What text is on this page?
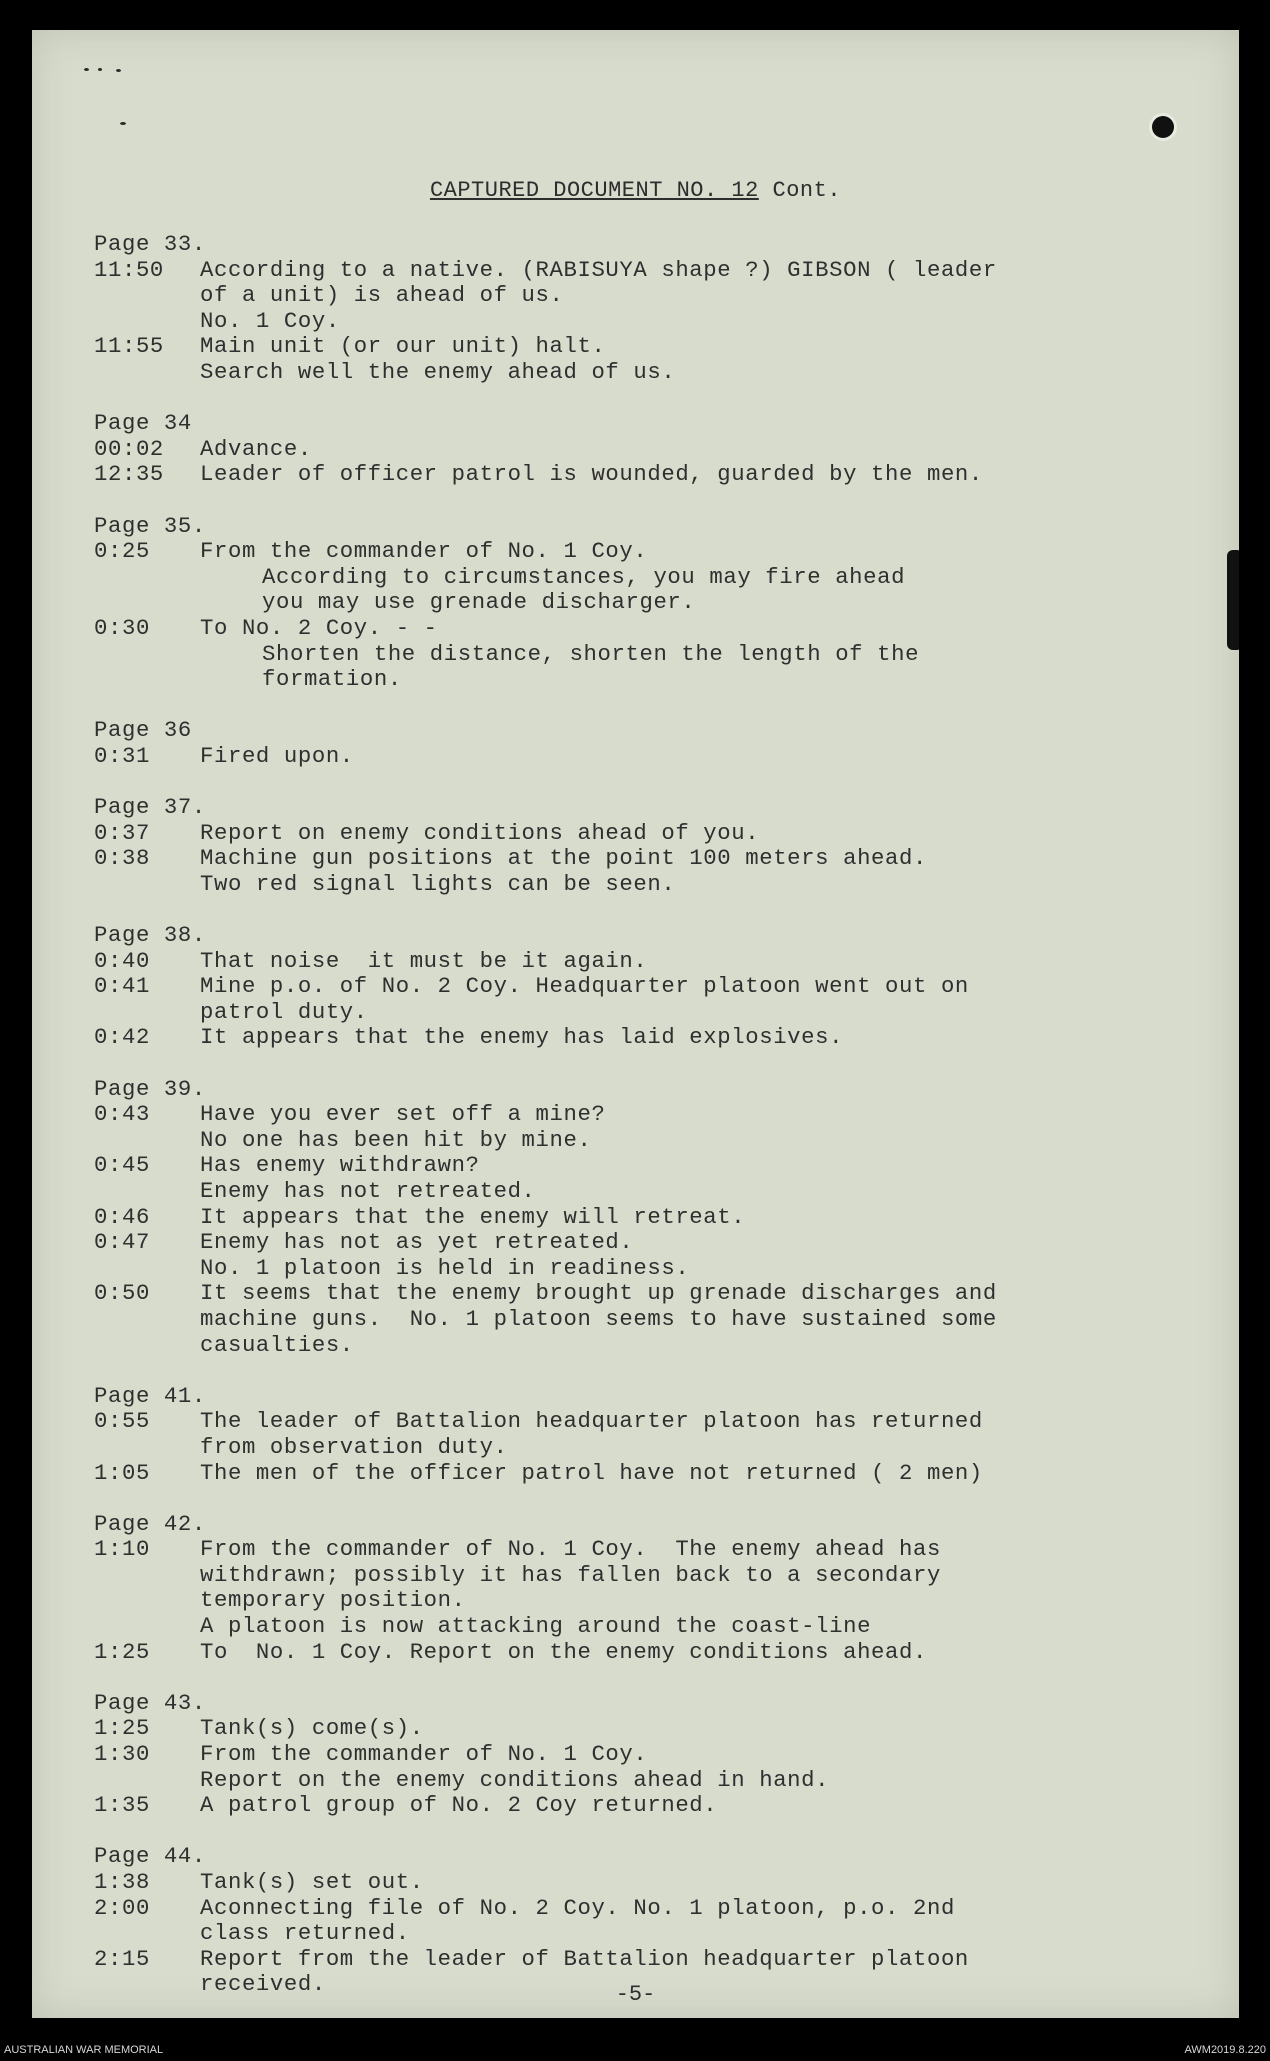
CAPTURED DOCUMENT NO. 12 Cont.
Page 33.
11:50 According to a native. (RABISUYA shape ?) GIBSON ( leader
of a unit) is ahead of us.
No. 1 Coy.
11:55 Main unit (or our unit) halt.
Search well the enemy ahead of us.
Page 34
00:02 Advance.
12:35 Leader of officer patrol is wounded, guarded by the men.
Page 35.
0:25 From the commander of No. 1 Coy.
According to circumstances, you may fire ahead
you may use grenade discharger.
0:30 To No. 2 Coy. - -
Shorten the distance, shorten the length of the
formation.
Page 36
0:31 Fired upon.
Page 37.
0:37 Report on enemy conditions ahead of you.
0:38 Machine gun positions at the point 100 meters ahead.
Two red signal lights can be seen.
Page 38.
0:40 That noise  it must be it again.
0:41 Mine p.o. of No. 2 Coy. Headquarter platoon went out on
patrol duty.
0:42 It appears that the enemy has laid explosives.
Page 39.
0:43 Have you ever set off a mine?
No one has been hit by mine.
0:45 Has enemy withdrawn?
Enemy has not retreated.
0:46 It appears that the enemy will retreat.
0:47 Enemy has not as yet retreated.
No. 1 platoon is held in readiness.
0:50 It seems that the enemy brought up grenade discharges and
machine guns.  No. 1 platoon seems to have sustained some
casualties.
Page 41.
0:55 The leader of Battalion headquarter platoon has returned
from observation duty.
1:05 The men of the officer patrol have not returned ( 2 men)
Page 42.
1:10 From the commander of No. 1 Coy.  The enemy ahead has
withdrawn; possibly it has fallen back to a secondary
temporary position.
A platoon is now attacking around the coast-line
1:25 To  No. 1 Coy. Report on the enemy conditions ahead.
Page 43.
1:25 Tank(s) come(s).
1:30 From the commander of No. 1 Coy.
Report on the enemy conditions ahead in hand.
1:35 A patrol group of No. 2 Coy returned.
Page 44.
1:38 Tank(s) set out.
2:00 Aconnecting file of No. 2 Coy. No. 1 platoon, p.o. 2nd
class returned.
2:15 Report from the leader of Battalion headquarter platoon
received.	-5-
AUSTRALIAN WAR MEMORIAL	AWM2019.8.220
